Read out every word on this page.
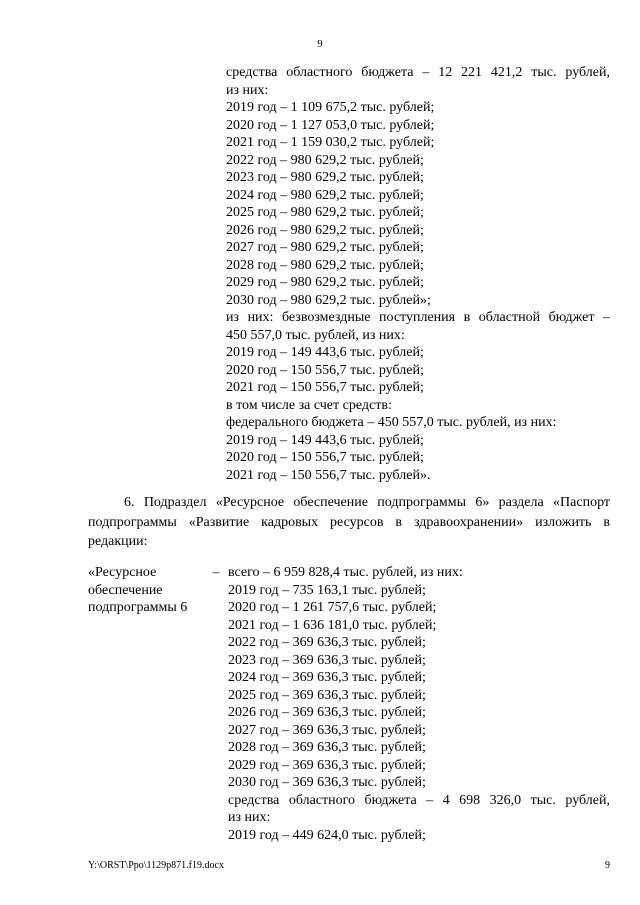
9
средства областного бюджета – 12 221 421,2 тыс. рублей,
из них:
2019 год – 1 109 675,2 тыс. рублей;
2020 год – 1 127 053,0 тыс. рублей;
2021 год – 1 159 030,2 тыс. рублей;
2022 год – 980 629,2 тыс. рублей;
2023 год – 980 629,2 тыс. рублей;
2024 год – 980 629,2 тыс. рублей;
2025 год – 980 629,2 тыс. рублей;
2026 год – 980 629,2 тыс. рублей;
2027 год – 980 629,2 тыс. рублей;
2028 год – 980 629,2 тыс. рублей;
2029 год – 980 629,2 тыс. рублей;
2030 год – 980 629,2 тыс. рублей»;
из них: безвозмездные поступления в областной бюджет –
450 557,0 тыс. рублей, из них:
2019 год – 149 443,6 тыс. рублей;
2020 год – 150 556,7 тыс. рублей;
2021 год – 150 556,7 тыс. рублей;
в том числе за счет средств:
федерального бюджета – 450 557,0 тыс. рублей, из них:
2019 год – 149 443,6 тыс. рублей;
2020 год – 150 556,7 тыс. рублей;
2021 год – 150 556,7 тыс. рублей».
6. Подраздел «Ресурсное обеспечение подпрограммы 6» раздела «Паспорт подпрограммы «Развитие кадровых ресурсов в здравоохранении» изложить в редакции:
«Ресурсное
обеспечение
подпрограммы 6
– всего – 6 959 828,4 тыс. рублей, из них:
2019 год – 735 163,1 тыс. рублей;
2020 год – 1 261 757,6 тыс. рублей;
2021 год – 1 636 181,0 тыс. рублей;
2022 год – 369 636,3 тыс. рублей;
2023 год – 369 636,3 тыс. рублей;
2024 год – 369 636,3 тыс. рублей;
2025 год – 369 636,3 тыс. рублей;
2026 год – 369 636,3 тыс. рублей;
2027 год – 369 636,3 тыс. рублей;
2028 год – 369 636,3 тыс. рублей;
2029 год – 369 636,3 тыс. рублей;
2030 год – 369 636,3 тыс. рублей;
средства областного бюджета – 4 698 326,0 тыс. рублей,
из них:
2019 год – 449 624,0 тыс. рублей;
Y:\ORST\Ppo\1129p871.f19.docx	9
